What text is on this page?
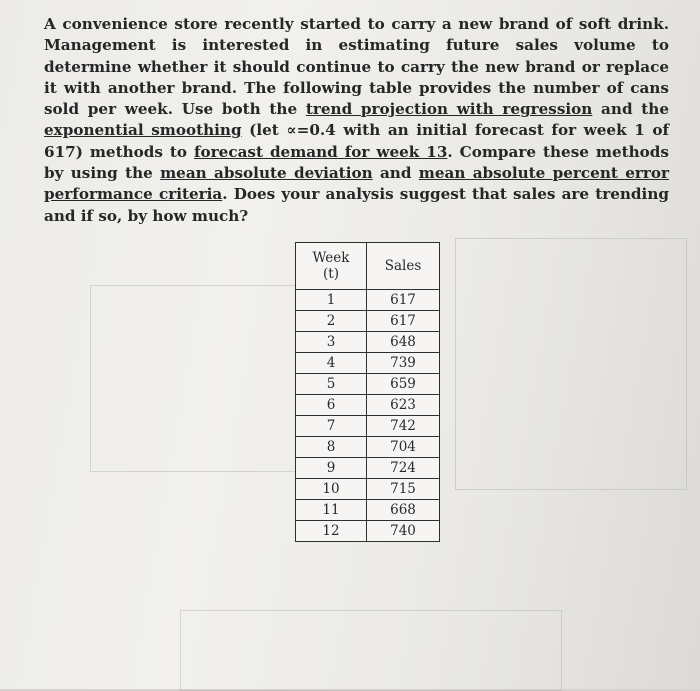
A convenience store recently started to carry a new brand of soft drink. Management is interested in estimating future sales volume to determine whether it should continue to carry the new brand or replace it with another brand. The following table provides the number of cans sold per week. Use both the trend projection with regression and the exponential smoothing (let ∝=0.4 with an initial forecast for week 1 of 617) methods to forecast demand for week 13. Compare these methods by using the mean absolute deviation and mean absolute percent error performance criteria. Does your analysis suggest that sales are trending and if so, by how much?

Week
(t)	Sales
1	617
2	617
3	648
4	739
5	659
6	623
7	742
8	704
9	724
10	715
11	668
12	740
